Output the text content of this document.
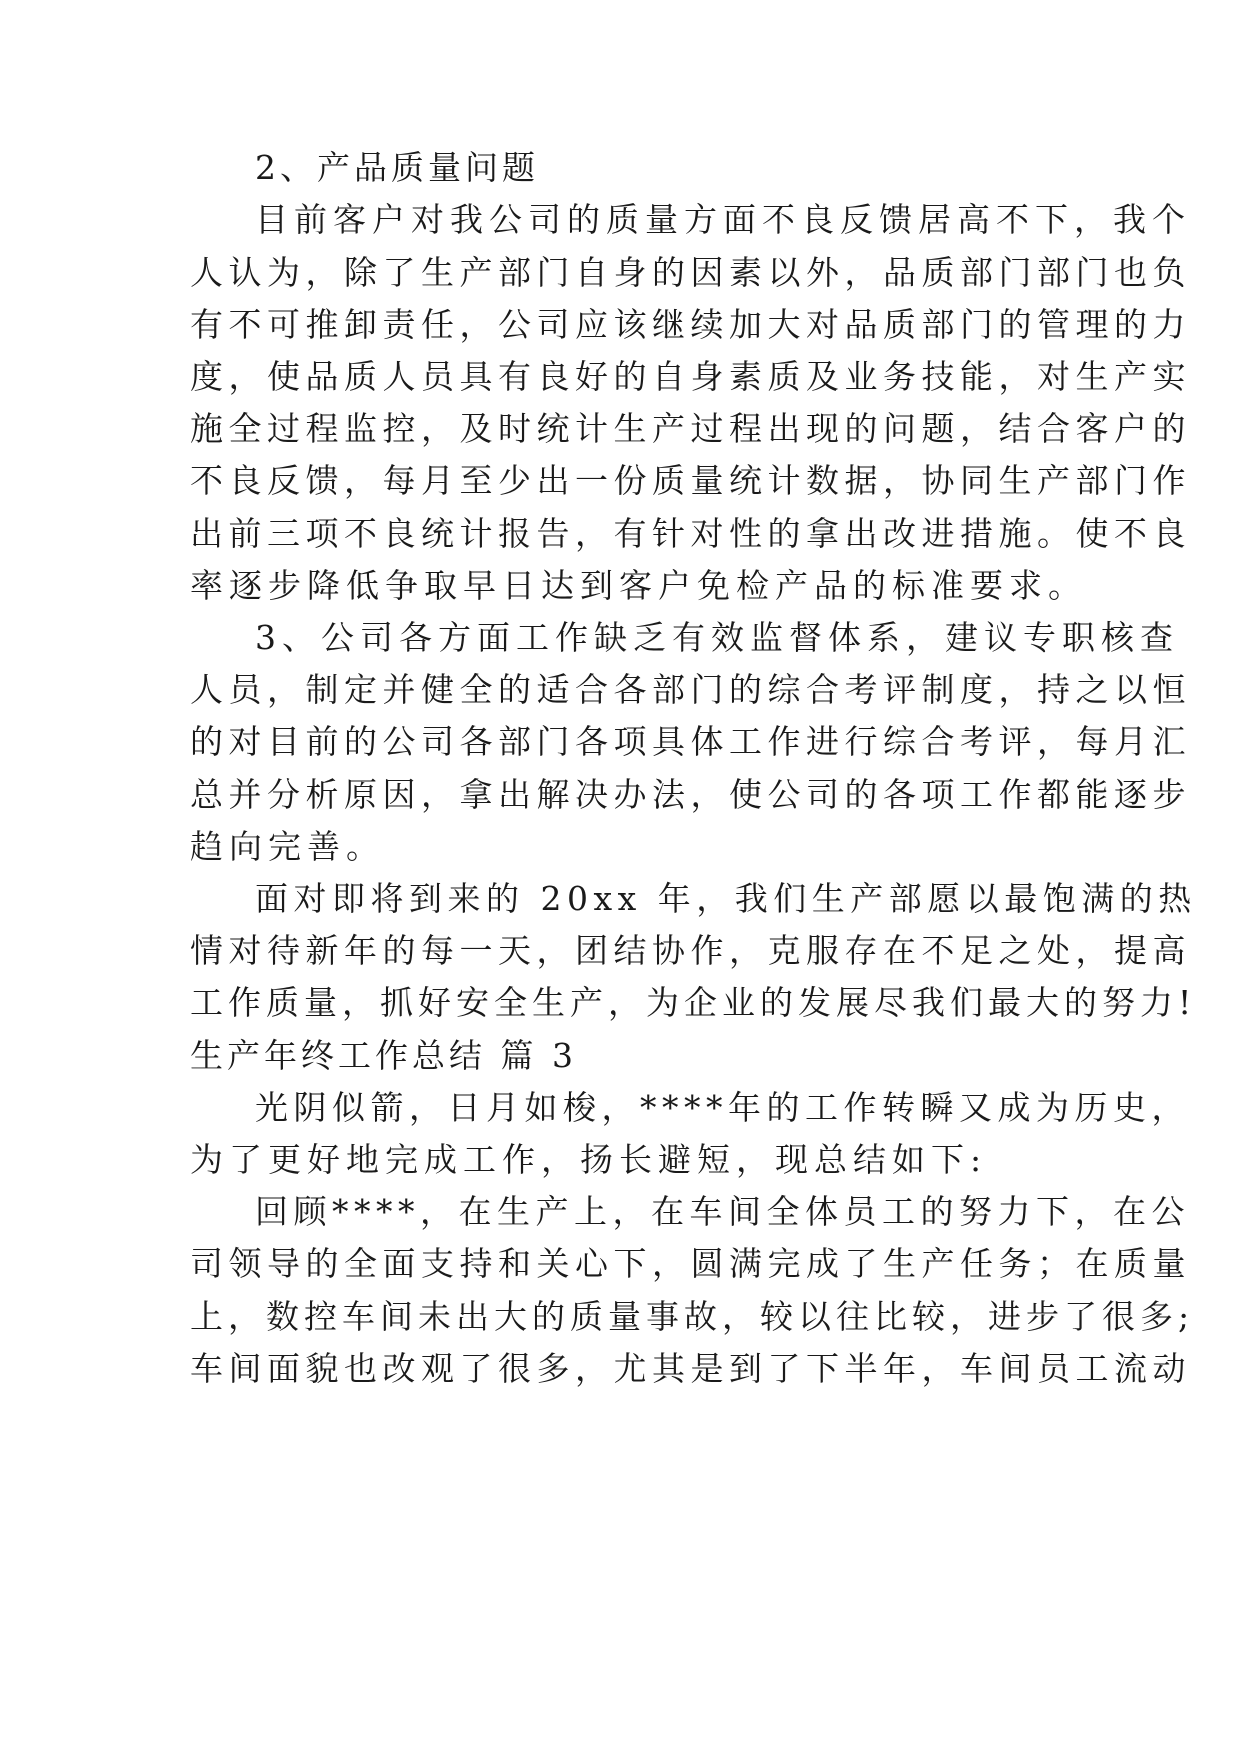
2、产品质量问题
目前客户对我公司的质量方面不良反馈居高不下，我个
人认为，除了生产部门自身的因素以外，品质部门部门也负
有不可推卸责任，公司应该继续加大对品质部门的管理的力
度，使品质人员具有良好的自身素质及业务技能，对生产实
施全过程监控，及时统计生产过程出现的问题，结合客户的
不良反馈，每月至少出一份质量统计数据，协同生产部门作
出前三项不良统计报告，有针对性的拿出改进措施。使不良
率逐步降低争取早日达到客户免检产品的标准要求。
3、公司各方面工作缺乏有效监督体系，建议专职核查
人员，制定并健全的适合各部门的综合考评制度，持之以恒
的对目前的公司各部门各项具体工作进行综合考评，每月汇
总并分析原因，拿出解决办法，使公司的各项工作都能逐步
趋向完善。
面对即将到来的 20xx 年，我们生产部愿以最饱满的热
情对待新年的每一天，团结协作，克服存在不足之处，提高
工作质量，抓好安全生产，为企业的发展尽我们最大的努力!
生产年终工作总结 篇 3
光阴似箭，日月如梭，****年的工作转瞬又成为历史，
为了更好地完成工作，扬长避短，现总结如下:
回顾****，在生产上，在车间全体员工的努力下，在公
司领导的全面支持和关心下，圆满完成了生产任务；在质量
上，数控车间未出大的质量事故，较以往比较，进步了很多;
车间面貌也改观了很多，尤其是到了下半年，车间员工流动
